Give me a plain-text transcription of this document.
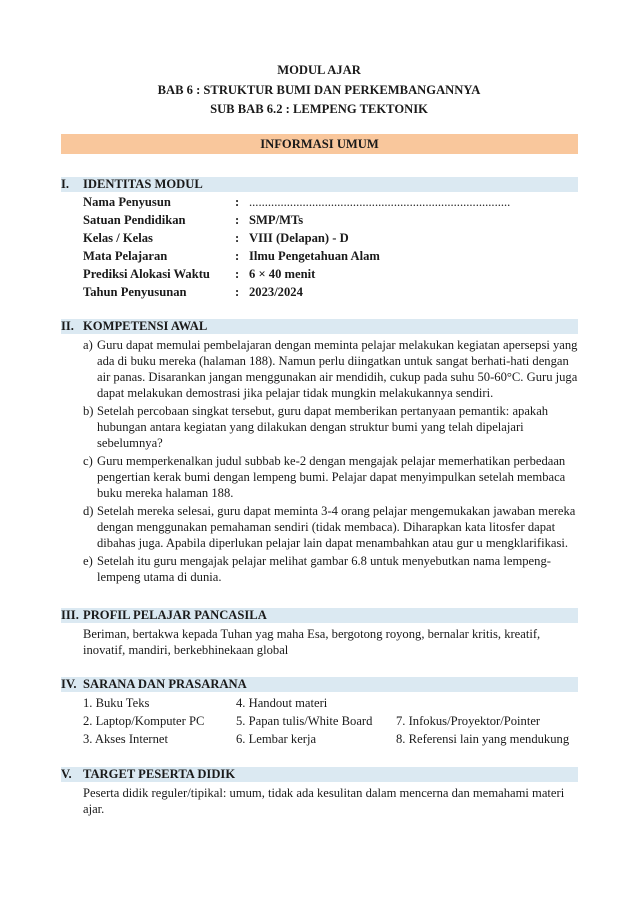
MODUL AJAR
BAB 6 : STRUKTUR BUMI DAN PERKEMBANGANNYA
SUB BAB 6.2 : LEMPENG TEKTONIK
INFORMASI UMUM
I. IDENTITAS MODUL
Nama Penyusun	: ...................................................................................
Satuan Pendidikan	: SMP/MTs
Kelas / Kelas	: VIII (Delapan) - D
Mata Pelajaran	: Ilmu Pengetahuan Alam
Prediksi Alokasi Waktu : 6 × 40 menit
Tahun Penyusunan	: 2023/2024
II. KOMPETENSI AWAL
a) Guru dapat memulai pembelajaran dengan meminta pelajar melakukan kegiatan apersepsi yang ada di buku mereka (halaman 188). Namun perlu diingatkan untuk sangat berhati-hati dengan air panas. Disarankan jangan menggunakan air mendidih, cukup pada suhu 50-60°C. Guru juga dapat melakukan demostrasi jika pelajar tidak mungkin melakukannya sendiri.
b) Setelah percobaan singkat tersebut, guru dapat memberikan pertanyaan pemantik: apakah hubungan antara kegiatan yang dilakukan dengan struktur bumi yang telah dipelajari sebelumnya?
c) Guru memperkenalkan judul subbab ke-2 dengan mengajak pelajar memerhatikan perbedaan pengertian kerak bumi dengan lempeng bumi. Pelajar dapat menyimpulkan setelah membaca buku mereka halaman 188.
d) Setelah mereka selesai, guru dapat meminta 3-4 orang pelajar mengemukakan jawaban mereka dengan menggunakan pemahaman sendiri (tidak membaca). Diharapkan kata litosfer dapat dibahas juga. Apabila diperlukan pelajar lain dapat menambahkan atau gur u mengklarifikasi.
e) Setelah itu guru mengajak pelajar melihat gambar 6.8 untuk menyebutkan nama lempeng-lempeng utama di dunia.
III. PROFIL PELAJAR PANCASILA
Beriman, bertakwa kepada Tuhan yag maha Esa, bergotong royong, bernalar kritis, kreatif, inovatif, mandiri, berkebhinekaan global
IV. SARANA DAN PRASARANA
1. Buku Teks	4. Handout materi
2. Laptop/Komputer PC	5. Papan tulis/White Board 7. Infokus/Proyektor/Pointer
3. Akses Internet	6. Lembar kerja	8. Referensi lain yang mendukung
V. TARGET PESERTA DIDIK
Peserta didik reguler/tipikal: umum, tidak ada kesulitan dalam mencerna dan memahami materi ajar.
